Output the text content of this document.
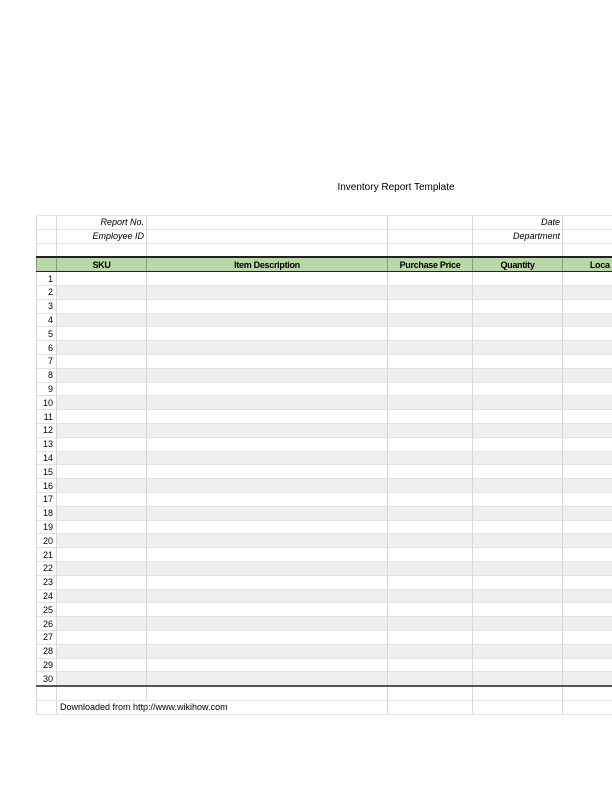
Inventory Report Template
	Report No.			Date	
	Employee ID			Department	

	SKU	Item Description	Purchase Price	Quantity	Loca
1					
2					
3					
4					
5					
6					
7					
8					
9					
10					
11					
12					
13					
14					
15					
16					
17					
18					
19					
20					
21					
22					
23					
24					
25					
26					
27					
28					
29					
30					

	Downloaded from http://www.wikihow.com				
